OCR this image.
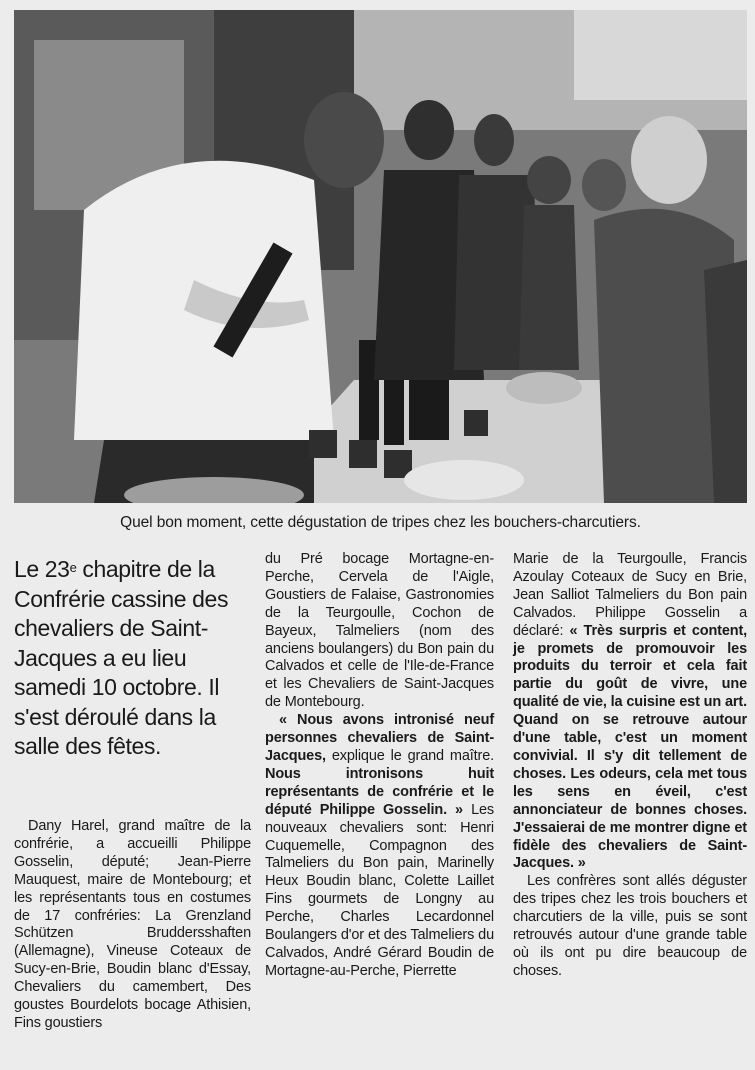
Quel bon moment, cette dégustation de tripes chez les bouchers-charcutiers.
Le 23e chapitre de la Confrérie cassine des chevaliers de Saint-Jacques a eu lieu samedi 10 octobre. Il s'est déroulé dans la salle des fêtes.

Dany Harel, grand maître de la confrérie, a accueilli Philippe Gosselin, député; Jean-Pierre Mauquest, maire de Montebourg; et les représentants tous en costumes de 17 confréries: La Grenzland Schützen Bruddersshaften (Allemagne), Vineuse Coteaux de Sucy-en-Brie, Boudin blanc d'Essay, Chevaliers du camembert, Des goustes Bourdelots bocage Athisien, Fins goustiers

du Pré bocage Mortagne-en-Perche, Cervela de l'Aigle, Goustiers de Falaise, Gastronomies de la Teurgoulle, Cochon de Bayeux, Talmeliers (nom des anciens boulangers) du Bon pain du Calvados et celle de l'Ile-de-France et les Chevaliers de Saint-Jacques de Montebourg.

« Nous avons intronisé neuf personnes chevaliers de Saint-Jacques, explique le grand maître. Nous intronisons huit représentants de confrérie et le député Philippe Gosselin. » Les nouveaux chevaliers sont: Henri Cuquemelle, Compagnon des Talmeliers du Bon pain, Marinelly Heux Boudin blanc, Colette Laillet Fins gourmets de Longny au Perche, Charles Lecardonnel Boulangers d'or et des Talmeliers du Calvados, André Gérard Boudin de Mortagne-au-Perche, Pierrette

Marie de la Teurgoulle, Francis Azoulay Coteaux de Sucy en Brie, Jean Salliot Talmeliers du Bon pain Calvados. Philippe Gosselin a déclaré: « Très surpris et content, je promets de promouvoir les produits du terroir et cela fait partie du goût de vivre, une qualité de vie, la cuisine est un art. Quand on se retrouve autour d'une table, c'est un moment convivial. Il s'y dit tellement de choses. Les odeurs, cela met tous les sens en éveil, c'est annonciateur de bonnes choses. J'essaierai de me montrer digne et fidèle des chevaliers de Saint-Jacques. »

Les confrères sont allés déguster des tripes chez les trois bouchers et charcutiers de la ville, puis se sont retrouvés autour d'une grande table où ils ont pu dire beaucoup de choses.
